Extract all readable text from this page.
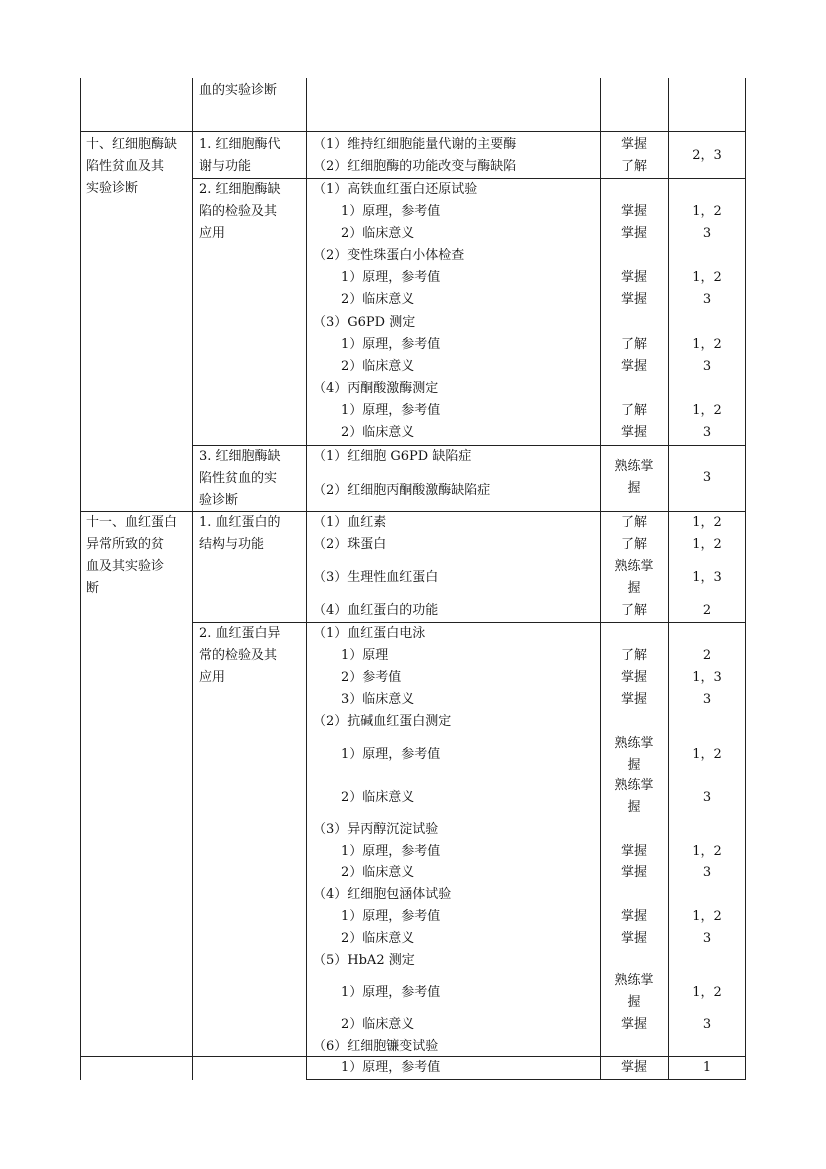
血的实验诊断
十、红细胞酶缺
陷性贫血及其
实验诊断
1. 红细胞酶代
谢与功能
（1）维持红细胞能量代谢的主要酶
（2）红细胞酶的功能改变与酶缺陷
掌握
了解
2，3
2. 红细胞酶缺
陷的检验及其
应用
（1）高铁血红蛋白还原试验
1）原理，参考值
2）临床意义
（2）变性珠蛋白小体检查
1）原理，参考值
2）临床意义
（3）G6PD 测定
1）原理，参考值
2）临床意义
（4）丙酮酸激酶测定
1）原理，参考值
2）临床意义
掌握
掌握
掌握
掌握
了解
掌握
了解
掌握
1，2
3
1，2
3
1，2
3
1，2
3
3. 红细胞酶缺
陷性贫血的实
验诊断
（1）红细胞 G6PD 缺陷症
（2）红细胞丙酮酸激酶缺陷症
熟练掌
握
3
十一、血红蛋白
异常所致的贫
血及其实验诊
断
1. 血红蛋白的
结构与功能
（1）血红素
（2）珠蛋白
（3）生理性血红蛋白
（4）血红蛋白的功能
了解
了解
熟练掌
握
了解
1，2
1，2
1，3
2
2. 血红蛋白异
常的检验及其
应用
（1）血红蛋白电泳
1）原理
2）参考值
3）临床意义
（2）抗碱血红蛋白测定
1）原理，参考值
2）临床意义
（3）异丙醇沉淀试验
1）原理，参考值
2）临床意义
（4）红细胞包涵体试验
1）原理，参考值
2）临床意义
（5）HbA2 测定
1）原理，参考值
2）临床意义
（6）红细胞镰变试验
了解
掌握
掌握
熟练掌
握
熟练掌
握
掌握
掌握
掌握
掌握
熟练掌
握
掌握
2
1，3
3
1，2
3
1，2
3
1，2
3
1，2
3
1）原理，参考值	掌握	1
